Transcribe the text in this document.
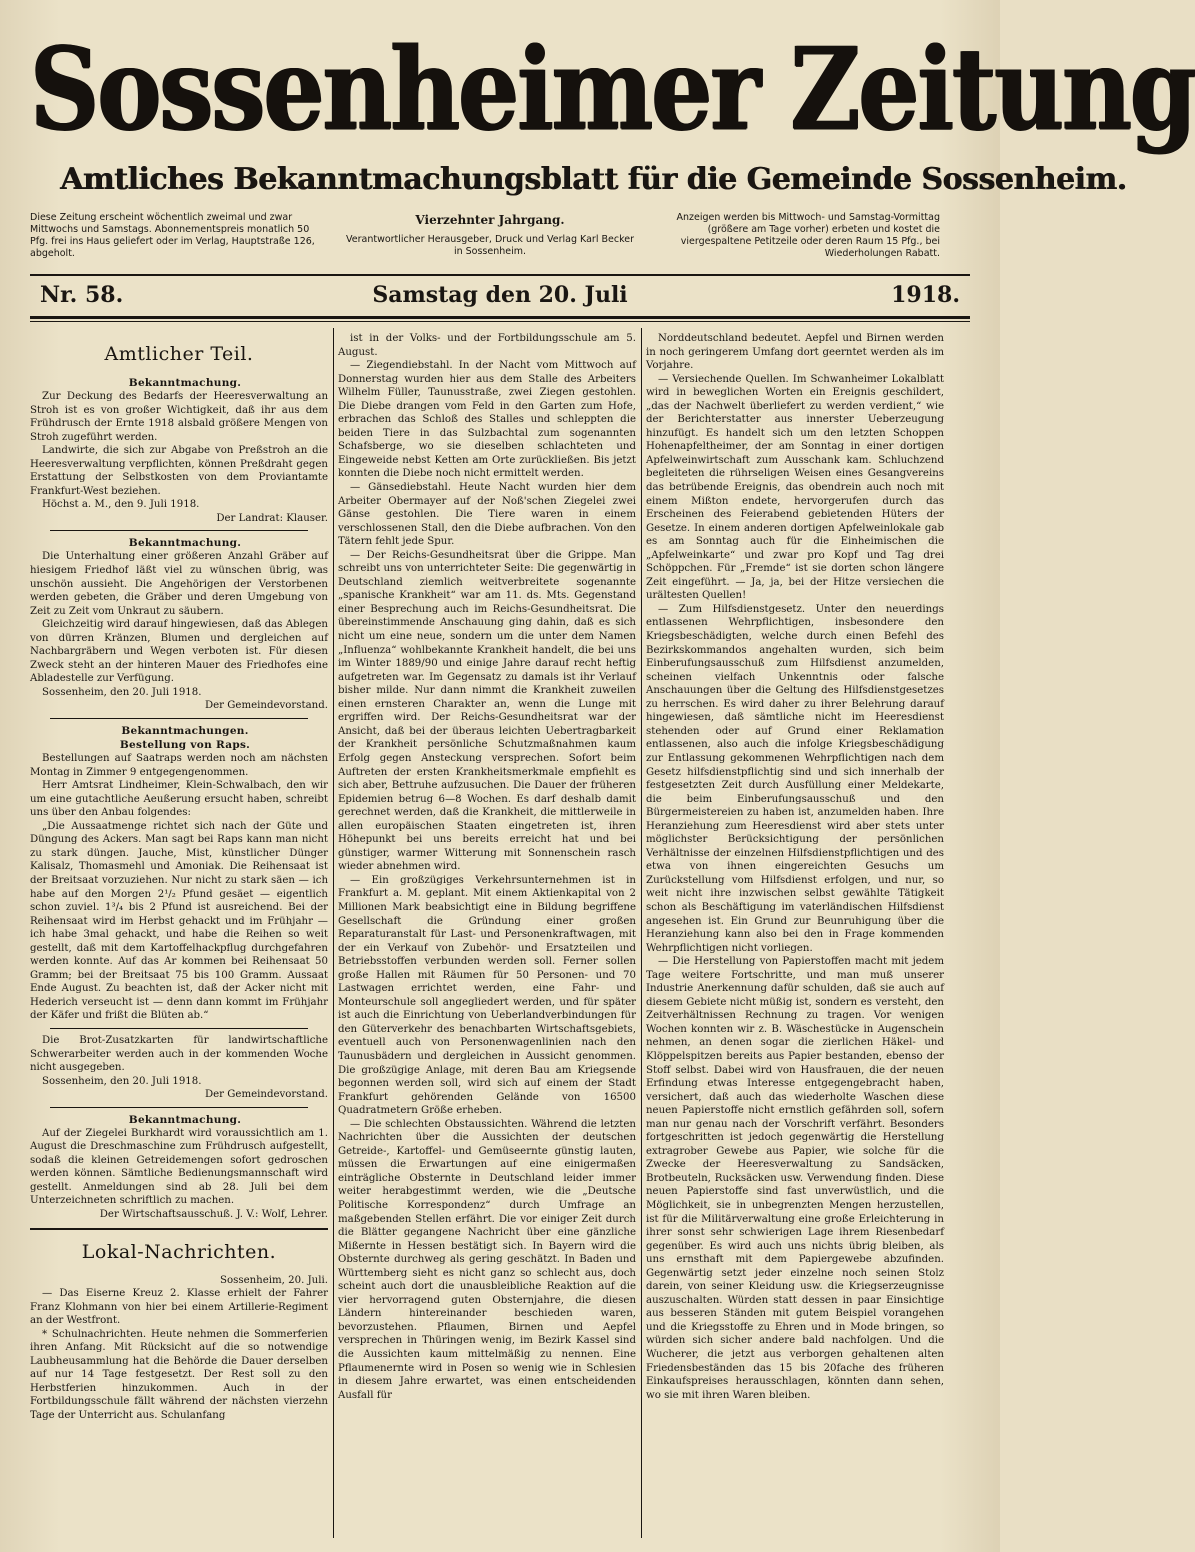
Sossenheimer Zeitung
Amtliches Bekanntmachungsblatt für die Gemeinde Sossenheim.
Diese Zeitung erscheint wöchentlich zweimal und zwar Mittwochs und Samstags. Abonnementspreis monatlich 50 Pfg. frei ins Haus geliefert oder im Verlag, Hauptstraße 126, abgeholt.
Vierzehnter Jahrgang.
Verantwortlicher Herausgeber, Druck und Verlag Karl Becker in Sossenheim.
Anzeigen werden bis Mittwoch- und Samstag-Vormittag (größere am Tage vorher) erbeten und kostet die viergespaltene Petitzeile oder deren Raum 15 Pfg., bei Wiederholungen Rabatt.
Nr. 58.	Samstag den 20. Juli	1918.
Amtlicher Teil.

Bekanntmachung.

Zur Deckung des Bedarfs der Heeresverwaltung an Stroh ist es von großer Wichtigkeit, daß ihr aus dem Frühdrusch der Ernte 1918 alsbald größere Mengen von Stroh zugeführt werden.

Landwirte, die sich zur Abgabe von Preßstroh an die Heeresverwaltung verpflichten, können Preßdraht gegen Erstattung der Selbstkosten von dem Proviantamte Frankfurt-West beziehen.

Höchst a. M., den 9. Juli 1918.

Der Landrat: Klauser.

Bekanntmachung.

Die Unterhaltung einer größeren Anzahl Gräber auf hiesigem Friedhof läßt viel zu wünschen übrig, was unschön aussieht. Die Angehörigen der Verstorbenen werden gebeten, die Gräber und deren Umgebung von Zeit zu Zeit vom Unkraut zu säubern.

Gleichzeitig wird darauf hingewiesen, daß das Ablegen von dürren Kränzen, Blumen und dergleichen auf Nachbargräbern und Wegen verboten ist. Für diesen Zweck steht an der hinteren Mauer des Friedhofes eine Abladestelle zur Verfügung.

Sossenheim, den 20. Juli 1918.

Der Gemeindevorstand.

Bekanntmachungen.

Bestellung von Raps.

Bestellungen auf Saatraps werden noch am nächsten Montag in Zimmer 9 entgegengenommen.

Herr Amtsrat Lindheimer, Klein-Schwalbach, den wir um eine gutachtliche Aeußerung ersucht haben, schreibt uns über den Anbau folgendes:

„Die Aussaatmenge richtet sich nach der Güte und Düngung des Ackers. Man sagt bei Raps kann man nicht zu stark düngen. Jauche, Mist, künstlicher Dünger Kalisalz, Thomasmehl und Amoniak. Die Reihensaat ist der Breitsaat vorzuziehen. Nur nicht zu stark säen — ich habe auf den Morgen 2¹/₂ Pfund gesäet — eigentlich schon zuviel. 1³/₄ bis 2 Pfund ist ausreichend. Bei der Reihensaat wird im Herbst gehackt und im Frühjahr — ich habe 3mal gehackt, und habe die Reihen so weit gestellt, daß mit dem Kartoffelhackpflug durchgefahren werden konnte. Auf das Ar kommen bei Reihensaat 50 Gramm; bei der Breitsaat 75 bis 100 Gramm. Aussaat Ende August. Zu beachten ist, daß der Acker nicht mit Hederich verseucht ist — denn dann kommt im Frühjahr der Käfer und frißt die Blüten ab.“

Die Brot-Zusatzkarten für landwirtschaftliche Schwerarbeiter werden auch in der kommenden Woche nicht ausgegeben.

Sossenheim, den 20. Juli 1918.

Der Gemeindevorstand.

Bekanntmachung.

Auf der Ziegelei Burkhardt wird voraussichtlich am 1. August die Dreschmaschine zum Frühdrusch aufgestellt, sodaß die kleinen Getreidemengen sofort gedroschen werden können. Sämtliche Bedienungsmannschaft wird gestellt. Anmeldungen sind ab 28. Juli bei dem Unterzeichneten schriftlich zu machen.

Der Wirtschaftsausschuß. J. V.: Wolf, Lehrer.

Lokal-Nachrichten.

Sossenheim, 20. Juli.

— Das Eiserne Kreuz 2. Klasse erhielt der Fahrer Franz Klohmann von hier bei einem Artillerie-Regiment an der Westfront.

* Schulnachrichten. Heute nehmen die Sommerferien ihren Anfang. Mit Rücksicht auf die so notwendige Laubheusammlung hat die Behörde die Dauer derselben auf nur 14 Tage festgesetzt. Der Rest soll zu den Herbstferien hinzukommen. Auch in der Fortbildungsschule fällt während der nächsten vierzehn Tage der Unterricht aus. Schulanfang

ist in der Volks- und der Fortbildungsschule am 5. August.

— Ziegendiebstahl. In der Nacht vom Mittwoch auf Donnerstag wurden hier aus dem Stalle des Arbeiters Wilhelm Füller, Taunusstraße, zwei Ziegen gestohlen. Die Diebe drangen vom Feld in den Garten zum Hofe, erbrachen das Schloß des Stalles und schleppten die beiden Tiere in das Sulzbachtal zum sogenannten Schafsberge, wo sie dieselben schlachteten und Eingeweide nebst Ketten am Orte zurückließen. Bis jetzt konnten die Diebe noch nicht ermittelt werden.

— Gänsediebstahl. Heute Nacht wurden hier dem Arbeiter Obermayer auf der Noß'schen Ziegelei zwei Gänse gestohlen. Die Tiere waren in einem verschlossenen Stall, den die Diebe aufbrachen. Von den Tätern fehlt jede Spur.

— Der Reichs-Gesundheitsrat über die Grippe. Man schreibt uns von unterrichteter Seite: Die gegenwärtig in Deutschland ziemlich weitverbreitete sogenannte „spanische Krankheit“ war am 11. ds. Mts. Gegenstand einer Besprechung auch im Reichs-Gesundheitsrat. Die übereinstimmende Anschauung ging dahin, daß es sich nicht um eine neue, sondern um die unter dem Namen „Influenza“ wohlbekannte Krankheit handelt, die bei uns im Winter 1889/90 und einige Jahre darauf recht heftig aufgetreten war. Im Gegensatz zu damals ist ihr Verlauf bisher milde. Nur dann nimmt die Krankheit zuweilen einen ernsteren Charakter an, wenn die Lunge mit ergriffen wird. Der Reichs-Gesundheitsrat war der Ansicht, daß bei der überaus leichten Uebertragbarkeit der Krankheit persönliche Schutzmaßnahmen kaum Erfolg gegen Ansteckung versprechen. Sofort beim Auftreten der ersten Krankheitsmerkmale empfiehlt es sich aber, Bettruhe aufzusuchen. Die Dauer der früheren Epidemien betrug 6—8 Wochen. Es darf deshalb damit gerechnet werden, daß die Krankheit, die mittlerweile in allen europäischen Staaten eingetreten ist, ihren Höhepunkt bei uns bereits erreicht hat und bei günstiger, warmer Witterung mit Sonnenschein rasch wieder abnehmen wird.

— Ein großzügiges Verkehrsunternehmen ist in Frankfurt a. M. geplant. Mit einem Aktienkapital von 2 Millionen Mark beabsichtigt eine in Bildung begriffene Gesellschaft die Gründung einer großen Reparaturanstalt für Last- und Personenkraftwagen, mit der ein Verkauf von Zubehör- und Ersatzteilen und Betriebsstoffen verbunden werden soll. Ferner sollen große Hallen mit Räumen für 50 Personen- und 70 Lastwagen errichtet werden, eine Fahr- und Monteurschule soll angegliedert werden, und für später ist auch die Einrichtung von Ueberlandverbindungen für den Güterverkehr des benachbarten Wirtschaftsgebiets, eventuell auch von Personenwagenlinien nach den Taunusbädern und dergleichen in Aussicht genommen. Die großzügige Anlage, mit deren Bau am Kriegsende begonnen werden soll, wird sich auf einem der Stadt Frankfurt gehörenden Gelände von 16500 Quadratmetern Größe erheben.

— Die schlechten Obstaussichten. Während die letzten Nachrichten über die Aussichten der deutschen Getreide-, Kartoffel- und Gemüseernte günstig lauten, müssen die Erwartungen auf eine einigermaßen einträgliche Obsternte in Deutschland leider immer weiter herabgestimmt werden, wie die „Deutsche Politische Korrespondenz“ durch Umfrage an maßgebenden Stellen erfährt. Die vor einiger Zeit durch die Blätter gegangene Nachricht über eine gänzliche Mißernte in Hessen bestätigt sich. In Bayern wird die Obsternte durchweg als gering geschätzt. In Baden und Württemberg sieht es nicht ganz so schlecht aus, doch scheint auch dort die unausbleibliche Reaktion auf die vier hervorragend guten Obsternjahre, die diesen Ländern hintereinander beschieden waren, bevorzustehen. Pflaumen, Birnen und Aepfel versprechen in Thüringen wenig, im Bezirk Kassel sind die Aussichten kaum mittelmäßig zu nennen. Eine Pflaumenernte wird in Posen so wenig wie in Schlesien in diesem Jahre erwartet, was einen entscheidenden Ausfall für

Norddeutschland bedeutet. Aepfel und Birnen werden in noch geringerem Umfang dort geerntet werden als im Vorjahre.

— Versiechende Quellen. Im Schwanheimer Lokalblatt wird in beweglichen Worten ein Ereignis geschildert, „das der Nachwelt überliefert zu werden verdient,“ wie der Berichterstatter aus innerster Ueberzeugung hinzufügt. Es handelt sich um den letzten Schoppen Hohenapfeltheimer, der am Sonntag in einer dortigen Apfelweinwirtschaft zum Ausschank kam. Schluchzend begleiteten die rührseligen Weisen eines Gesangvereins das betrübende Ereignis, das obendrein auch noch mit einem Mißton endete, hervorgerufen durch das Erscheinen des Feierabend gebietenden Hüters der Gesetze. In einem anderen dortigen Apfelweinlokale gab es am Sonntag auch für die Einheimischen die „Apfelweinkarte“ und zwar pro Kopf und Tag drei Schöppchen. Für „Fremde“ ist sie dorten schon längere Zeit eingeführt. — Ja, ja, bei der Hitze versiechen die urältesten Quellen!

— Zum Hilfsdienstgesetz. Unter den neuerdings entlassenen Wehrpflichtigen, insbesondere den Kriegsbeschädigten, welche durch einen Befehl des Bezirkskommandos angehalten wurden, sich beim Einberufungsausschuß zum Hilfsdienst anzumelden, scheinen vielfach Unkenntnis oder falsche Anschauungen über die Geltung des Hilfsdienstgesetzes zu herrschen. Es wird daher zu ihrer Belehrung darauf hingewiesen, daß sämtliche nicht im Heeresdienst stehenden oder auf Grund einer Reklamation entlassenen, also auch die infolge Kriegsbeschädigung zur Entlassung gekommenen Wehrpflichtigen nach dem Gesetz hilfsdienstpflichtig sind und sich innerhalb der festgesetzten Zeit durch Ausfüllung einer Meldekarte, die beim Einberufungsausschuß und den Bürgermeistereien zu haben ist, anzumelden haben. Ihre Heranziehung zum Heeresdienst wird aber stets unter möglichster Berücksichtigung der persönlichen Verhältnisse der einzelnen Hilfsdienstpflichtigen und des etwa von ihnen eingereichten Gesuchs um Zurückstellung vom Hilfsdienst erfolgen, und nur, so weit nicht ihre inzwischen selbst gewählte Tätigkeit schon als Beschäftigung im vaterländischen Hilfsdienst angesehen ist. Ein Grund zur Beunruhigung über die Heranziehung kann also bei den in Frage kommenden Wehrpflichtigen nicht vorliegen.

— Die Herstellung von Papierstoffen macht mit jedem Tage weitere Fortschritte, und man muß unserer Industrie Anerkennung dafür schulden, daß sie auch auf diesem Gebiete nicht müßig ist, sondern es versteht, den Zeitverhältnissen Rechnung zu tragen. Vor wenigen Wochen konnten wir z. B. Wäschestücke in Augenschein nehmen, an denen sogar die zierlichen Häkel- und Klöppelspitzen bereits aus Papier bestanden, ebenso der Stoff selbst. Dabei wird von Hausfrauen, die der neuen Erfindung etwas Interesse entgegengebracht haben, versichert, daß auch das wiederholte Waschen diese neuen Papierstoffe nicht ernstlich gefährden soll, sofern man nur genau nach der Vorschrift verfährt. Besonders fortgeschritten ist jedoch gegenwärtig die Herstellung extragrober Gewebe aus Papier, wie solche für die Zwecke der Heeresverwaltung zu Sandsäcken, Brotbeuteln, Rucksäcken usw. Verwendung finden. Diese neuen Papierstoffe sind fast unverwüstlich, und die Möglichkeit, sie in unbegrenzten Mengen herzustellen, ist für die Militärverwaltung eine große Erleichterung in ihrer sonst sehr schwierigen Lage ihrem Riesenbedarf gegenüber. Es wird auch uns nichts übrig bleiben, als uns ernsthaft mit dem Papiergewebe abzufinden. Gegenwärtig setzt jeder einzelne noch seinen Stolz darein, von seiner Kleidung usw. die Kriegserzeugnisse auszuschalten. Würden statt dessen in paar Einsichtige aus besseren Ständen mit gutem Beispiel vorangehen und die Kriegsstoffe zu Ehren und in Mode bringen, so würden sich sicher andere bald nachfolgen. Und die Wucherer, die jetzt aus verborgen gehaltenen alten Friedensbeständen das 15 bis 20fache des früheren Einkaufspreises herausschlagen, könnten dann sehen, wo sie mit ihren Waren bleiben.
